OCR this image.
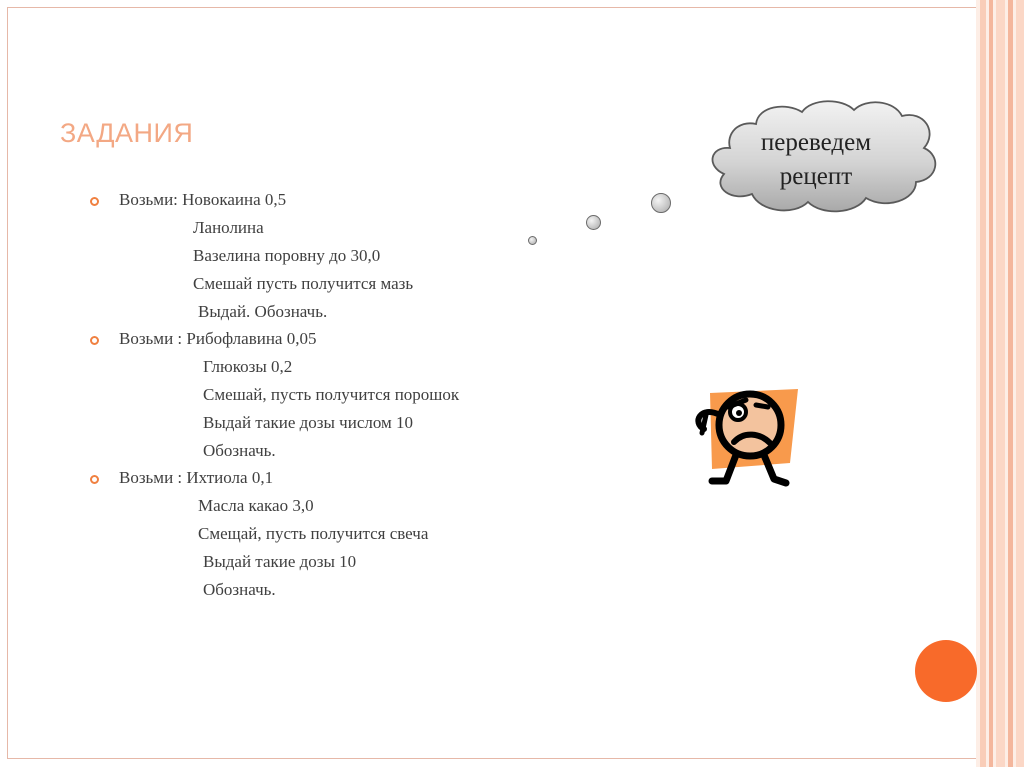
ЗАДАНИЯ
Возьми: Новокаина 0,5
Ланолина
Вазелина поровну до 30,0
Смешай пусть получится мазь
Выдай. Обозначь.
Возьми : Рибофлавина 0,05
Глюкозы 0,2
Смешай, пусть получится порошок
Выдай такие дозы числом 10
Обозначь.
Возьми : Ихтиола 0,1
Масла какао 3,0
Смещай, пусть получится свеча
Выдай такие дозы 10
Обозначь.
переведем
рецепт
